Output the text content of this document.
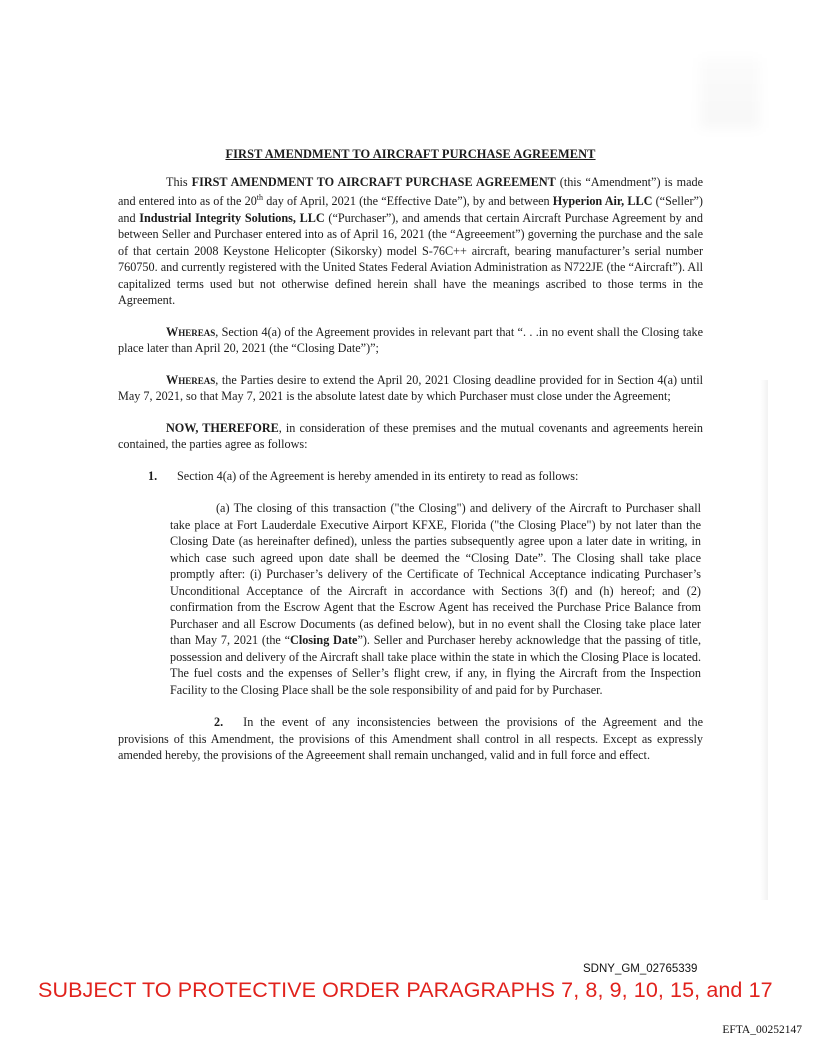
FIRST AMENDMENT TO AIRCRAFT PURCHASE AGREEMENT

This FIRST AMENDMENT TO AIRCRAFT PURCHASE AGREEMENT (this “Amendment”) is made and entered into as of the 20th day of April, 2021 (the “Effective Date”), by and between Hyperion Air, LLC (“Seller”) and Industrial Integrity Solutions, LLC (“Purchaser”), and amends that certain Aircraft Purchase Agreement by and between Seller and Purchaser entered into as of April 16, 2021 (the “Agreeement”) governing the purchase and the sale of that certain 2008 Keystone Helicopter (Sikorsky) model S-76C++ aircraft, bearing manufacturer’s serial number 760750. and currently registered with the United States Federal Aviation Administration as N722JE (the “Aircraft”). All capitalized terms used but not otherwise defined herein shall have the meanings ascribed to those terms in the Agreement.

Whereas, Section 4(a) of the Agreement provides in relevant part that “. . .in no event shall the Closing take place later than April 20, 2021 (the “Closing Date”)”;

Whereas, the Parties desire to extend the April 20, 2021 Closing deadline provided for in Section 4(a) until May 7, 2021, so that May 7, 2021 is the absolute latest date by which Purchaser must close under the Agreement;

NOW, THEREFORE, in consideration of these premises and the mutual covenants and agreements herein contained, the parties agree as follows:

1. Section 4(a) of the Agreement is hereby amended in its entirety to read as follows:

(a) The closing of this transaction ("the Closing") and delivery of the Aircraft to Purchaser shall take place at Fort Lauderdale Executive Airport KFXE, Florida ("the Closing Place") by not later than the Closing Date (as hereinafter defined), unless the parties subsequently agree upon a later date in writing, in which case such agreed upon date shall be deemed the “Closing Date”. The Closing shall take place promptly after: (i) Purchaser’s delivery of the Certificate of Technical Acceptance indicating Purchaser’s Unconditional Acceptance of the Aircraft in accordance with Sections 3(f) and (h) hereof; and (2) confirmation from the Escrow Agent that the Escrow Agent has received the Purchase Price Balance from Purchaser and all Escrow Documents (as defined below), but in no event shall the Closing take place later than May 7, 2021 (the “Closing Date”). Seller and Purchaser hereby acknowledge that the passing of title, possession and delivery of the Aircraft shall take place within the state in which the Closing Place is located. The fuel costs and the expenses of Seller’s flight crew, if any, in flying the Aircraft from the Inspection Facility to the Closing Place shall be the sole responsibility of and paid for by Purchaser.

2. In the event of any inconsistencies between the provisions of the Agreement and the provisions of this Amendment, the provisions of this Amendment shall control in all respects. Except as expressly amended hereby, the provisions of the Agreeement shall remain unchanged, valid and in full force and effect.

SDNY_GM_02765339
SUBJECT TO PROTECTIVE ORDER PARAGRAPHS 7, 8, 9, 10, 15, and 17
EFTA_00252147
